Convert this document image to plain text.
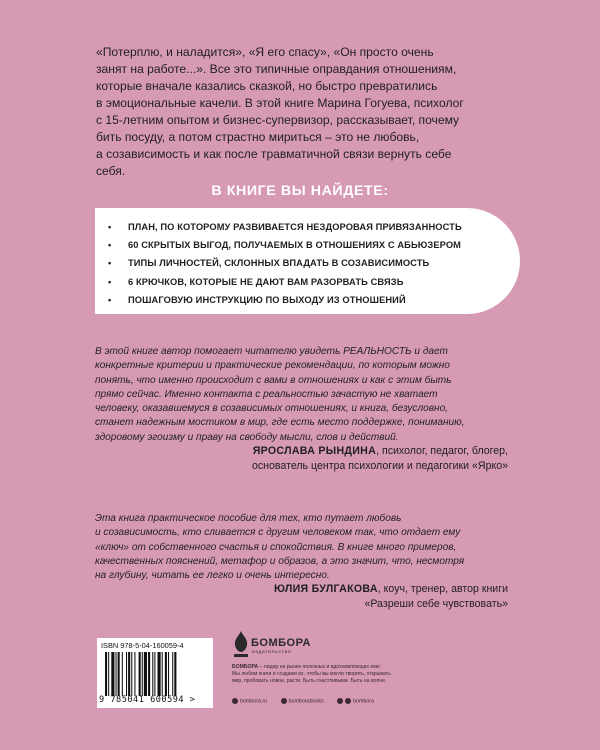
«Потерплю, и наладится», «Я его спасу», «Он просто очень
занят на работе...». Все это типичные оправдания отношениям,
которые вначале казались сказкой, но быстро превратились
в эмоциональные качели. В этой книге Марина Гогуева, психолог
с 15-летним опытом и бизнес-супервизор, рассказывает, почему
бить посуду, а потом страстно мириться – это не любовь,
а созависимость и как после травматичной связи вернуть себе
себя.
В КНИГЕ ВЫ НАЙДЕТЕ:
• ПЛАН, ПО КОТОРОМУ РАЗВИВАЕТСЯ НЕЗДОРОВАЯ ПРИВЯЗАННОСТЬ
• 60 СКРЫТЫХ ВЫГОД, ПОЛУЧАЕМЫХ В ОТНОШЕНИЯХ С АБЬЮЗЕРОМ
• ТИПЫ ЛИЧНОСТЕЙ, СКЛОННЫХ ВПАДАТЬ В СОЗАВИСИМОСТЬ
• 6 КРЮЧКОВ, КОТОРЫЕ НЕ ДАЮТ ВАМ РАЗОРВАТЬ СВЯЗЬ
• ПОШАГОВУЮ ИНСТРУКЦИЮ ПО ВЫХОДУ ИЗ ОТНОШЕНИЙ
В этой книге автор помогает читателю увидеть РЕАЛЬНОСТЬ и дает
конкретные критерии и практические рекомендации, по которым можно
понять, что именно происходит с вами в отношениях и как с этим быть
прямо сейчас. Именно контакта с реальностью зачастую не хватает
человеку, оказавшемуся в созависимых отношениях, и книга, безусловно,
станет надежным мостиком в мир, где есть место поддержке, пониманию,
здоровому эгоизму и праву на свободу мысли, слов и действий.
ЯРОСЛАВА РЫНДИНА, психолог, педагог, блогер,
основатель центра психологии и педагогики «Ярко»
Эта книга практическое пособие для тех, кто путает любовь
и созависимость, кто сливается с другим человеком так, что отдает ему
«ключ» от собственного счастья и спокойствия. В книге много примеров,
качественных пояснений, метафор и образов, а это значит, что, несмотря
на глубину, читать ее легко и очень интересно.
ЮЛИЯ БУЛГАКОВА, коуч, тренер, автор книги
«Разреши себе чувствовать»
ISBN 978-5-04-160059-4
9 785041 600594 >
БОМБОРА
издательство
БОМБОРА – лидер на рынке полезных и вдохновляющих книг.
Мы любим книги и создаем их, чтобы вы могли творить, открывать
мир, пробовать новое, расти. Быть счастливыми. Быть на волне.
bombora.ru	bomborabooks	bombora
